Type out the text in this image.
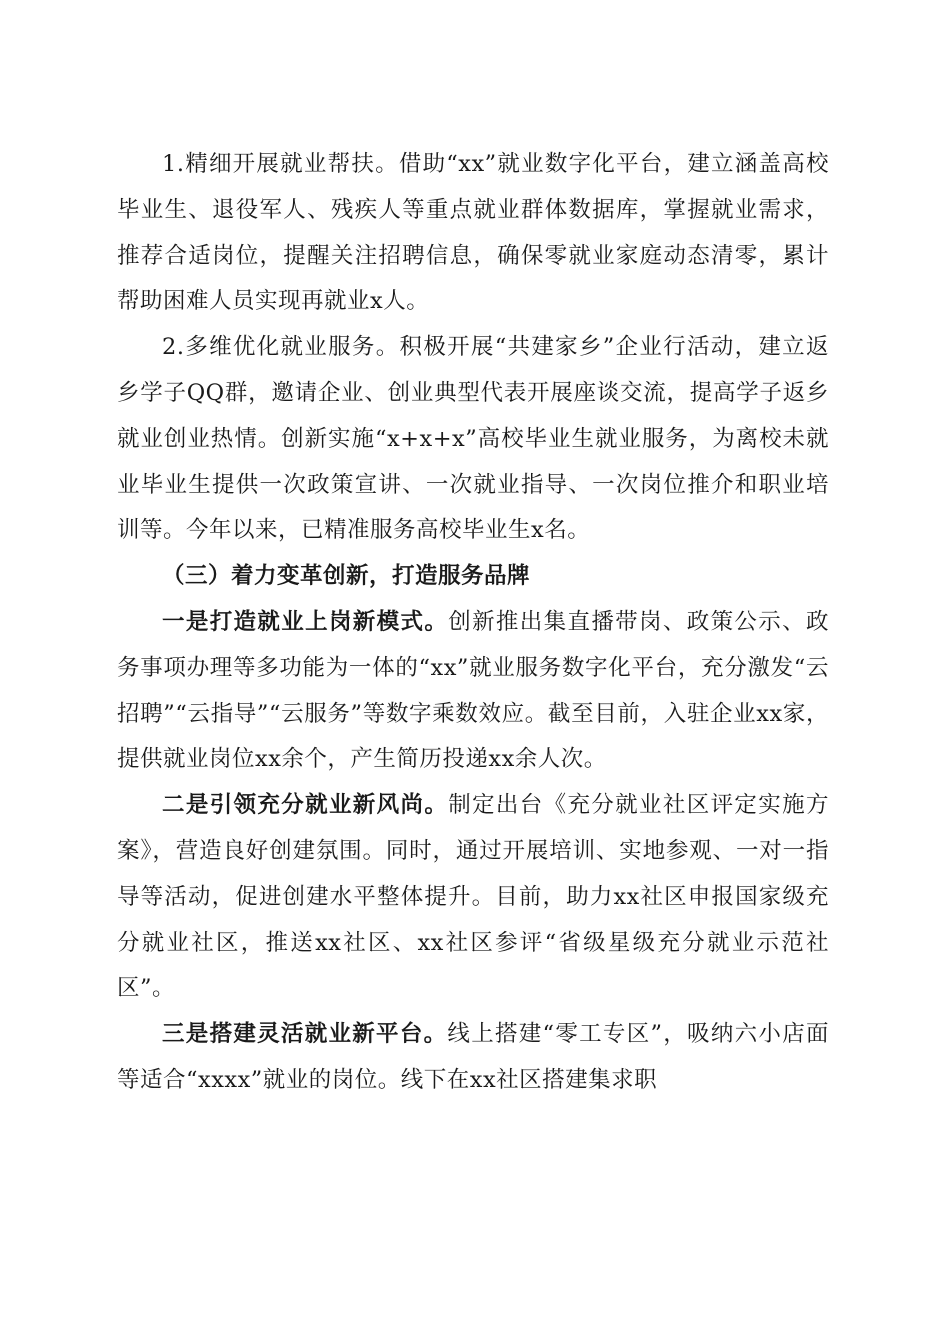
1.精细开展就业帮扶。借助“xx”就业数字化平台，建立涵盖高校毕业生、退役军人、残疾人等重点就业群体数据库，掌握就业需求，推荐合适岗位，提醒关注招聘信息，确保零就业家庭动态清零，累计帮助困难人员实现再就业x人。

2.多维优化就业服务。积极开展“共建家乡”企业行活动，建立返乡学子QQ群，邀请企业、创业典型代表开展座谈交流，提高学子返乡就业创业热情。创新实施“x+x+x”高校毕业生就业服务，为离校未就业毕业生提供一次政策宣讲、一次就业指导、一次岗位推介和职业培训等。今年以来，已精准服务高校毕业生x名。

（三）着力变革创新，打造服务品牌

一是打造就业上岗新模式。创新推出集直播带岗、政策公示、政务事项办理等多功能为一体的“xx”就业服务数字化平台，充分激发“云招聘”“云指导”“云服务”等数字乘数效应。截至目前，入驻企业xx家，提供就业岗位xx余个，产生简历投递xx余人次。

二是引领充分就业新风尚。制定出台《充分就业社区评定实施方案》，营造良好创建氛围。同时，通过开展培训、实地参观、一对一指导等活动，促进创建水平整体提升。目前，助力xx社区申报国家级充分就业社区，推送xx社区、xx社区参评“省级星级充分就业示范社区”。

三是搭建灵活就业新平台。线上搭建“零工专区”，吸纳六小店面等适合“xxxx”就业的岗位。线下在xx社区搭建集求职
